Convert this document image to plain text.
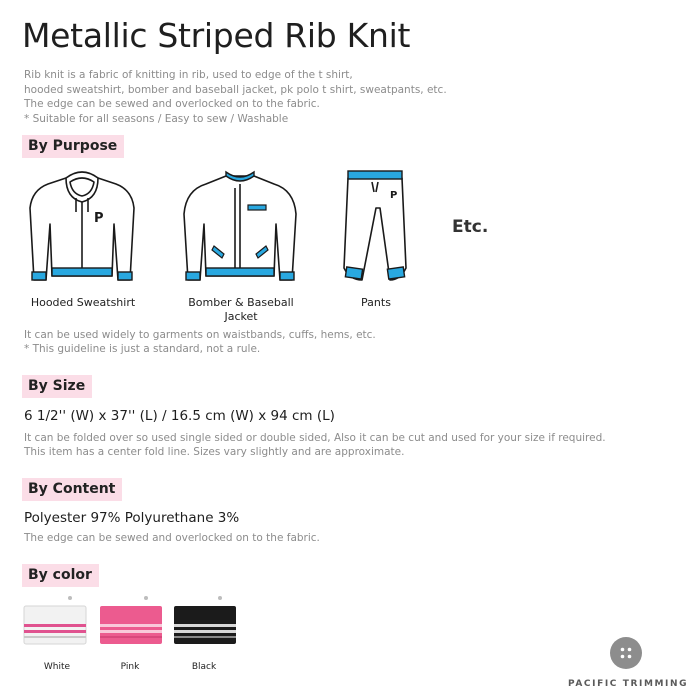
Metallic Striped Rib Knit
Rib knit is a fabric of knitting in rib, used to edge of the t shirt,
hooded sweatshirt, bomber and baseball jacket, pk polo t shirt, sweatpants, etc.
The edge can be sewed and overlocked on to the fabric.
* Suitable for all seasons / Easy to sew / Washable
By Purpose
P
Hooded Sweatshirt	Bomber & Baseball Jacket
P
Pants
Etc.
It can be used widely to garments on waistbands, cuffs, hems, etc.
* This guideline is just a standard, not a rule.
By Size
6 1/2'' (W) x 37'' (L) / 16.5 cm (W) x 94 cm (L)
It can be folded over so used single sided or double sided, Also it can be cut and used for your size if required.
This item has a center fold line. Sizes vary slightly and are approximate.
By Content
Polyester 97% Polyurethane 3%
The edge can be sewed and overlocked on to the fabric.
By color
White	Pink	Black
PACIFIC TRIMMING
